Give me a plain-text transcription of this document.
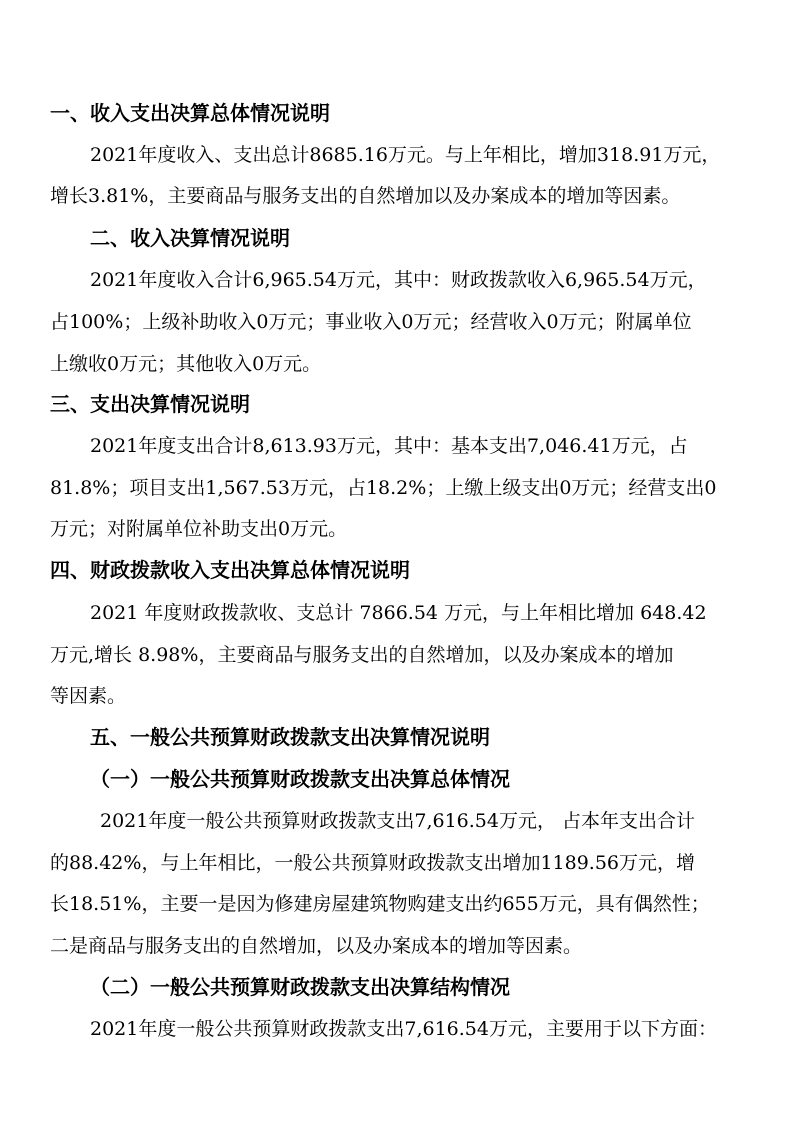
一、收入支出决算总体情况说明
2021年度收入、支出总计8685.16万元。与上年相比，增加318.91万元，
增长3.81%，主要商品与服务支出的自然增加以及办案成本的增加等因素。
二、收入决算情况说明
2021年度收入合计6,965.54万元，其中：财政拨款收入6,965.54万元，
占100%；上级补助收入0万元；事业收入0万元；经营收入0万元；附属单位
上缴收0万元；其他收入0万元。
三、支出决算情况说明
2021年度支出合计8,613.93万元，其中：基本支出7,046.41万元，占
81.8%；项目支出1,567.53万元，占18.2%；上缴上级支出0万元；经营支出0
万元；对附属单位补助支出0万元。
四、财政拨款收入支出决算总体情况说明
2021 年度财政拨款收、支总计 7866.54 万元，与上年相比增加 648.42
万元,增长 8.98%，主要商品与服务支出的自然增加，以及办案成本的增加
等因素。
五、一般公共预算财政拨款支出决算情况说明
（一）一般公共预算财政拨款支出决算总体情况
2021年度一般公共预算财政拨款支出7,616.54万元， 占本年支出合计
的88.42%，与上年相比，一般公共预算财政拨款支出增加1189.56万元，增
长18.51%，主要一是因为修建房屋建筑物购建支出约655万元，具有偶然性；
二是商品与服务支出的自然增加，以及办案成本的增加等因素。
（二）一般公共预算财政拨款支出决算结构情况
2021年度一般公共预算财政拨款支出7,616.54万元，主要用于以下方面：
